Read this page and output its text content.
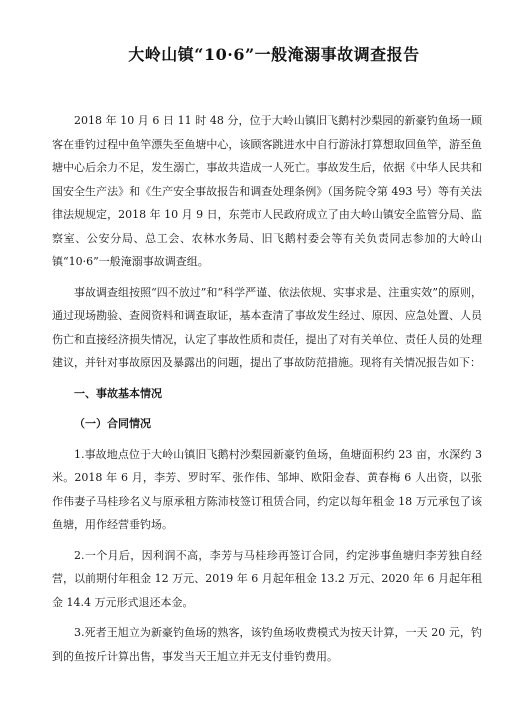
大岭山镇“10·6”一般淹溺事故调查报告

2018 年 10 月 6 日 11 时 48 分，位于大岭山镇旧飞鹅村沙梨园的新豪钓鱼场一顾客在垂钓过程中鱼竿漂失至鱼塘中心，该顾客跳进水中自行游泳打算想取回鱼竿，游至鱼塘中心后余力不足，发生溺亡，事故共造成一人死亡。事故发生后，依据《中华人民共和国安全生产法》和《生产安全事故报告和调查处理条例》（国务院令第 493 号）等有关法律法规规定，2018 年 10 月 9 日，东莞市人民政府成立了由大岭山镇安全监管分局、监察室、公安分局、总工会、农林水务局、旧飞鹅村委会等有关负责同志参加的大岭山镇“10·6”一般淹溺事故调查组。

事故调查组按照“四不放过”和“科学严谨、依法依规、实事求是、注重实效”的原则，通过现场勘验、查阅资料和调查取证，基本查清了事故发生经过、原因、应急处置、人员伤亡和直接经济损失情况，认定了事故性质和责任，提出了对有关单位、责任人员的处理建议，并针对事故原因及暴露出的问题，提出了事故防范措施。现将有关情况报告如下：

一、事故基本情况
（一）合同情况

1.事故地点位于大岭山镇旧飞鹅村沙梨园新豪钓鱼场，鱼塘面积约 23 亩，水深约 3 米。2018 年 6 月，李芳、罗时军、张作伟、邹坤、欧阳金春、黄春梅 6 人出资，以张作伟妻子马桂珍名义与原承租方陈沛枝签订租赁合同，约定以每年租金 18 万元承包了该鱼塘，用作经营垂钓场。

2.一个月后，因利润不高，李芳与马桂珍再签订合同，约定涉事鱼塘归李芳独自经营，以前期付年租金 12 万元、2019 年 6 月起年租金 13.2 万元、2020 年 6 月起年租金 14.4 万元形式退还本金。

3.死者王旭立为新豪钓鱼场的熟客，该钓鱼场收费模式为按天计算，一天 20 元，钓到的鱼按斤计算出售，事发当天王旭立并无支付垂钓费用。
